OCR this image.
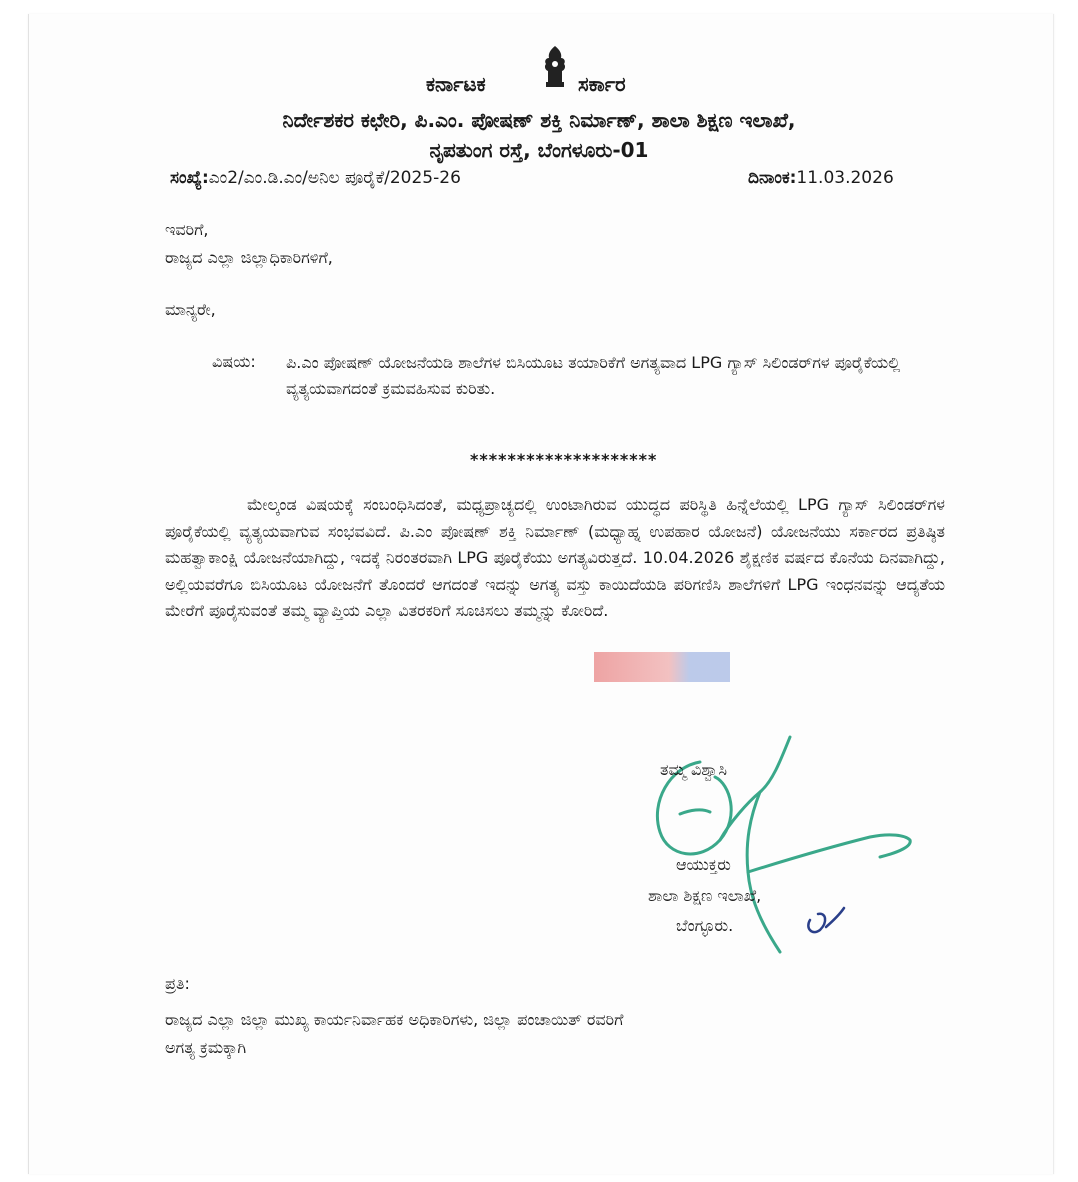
ಕರ್ನಾಟಕ	ಸರ್ಕಾರ
ನಿರ್ದೇಶಕರ ಕಛೇರಿ, ಪಿ.ಎಂ. ಪೋಷಣ್ ಶಕ್ತಿ ನಿರ್ಮಾಣ್, ಶಾಲಾ ಶಿಕ್ಷಣ ಇಲಾಖೆ,
ನೃಪತುಂಗ ರಸ್ತೆ, ಬೆಂಗಳೂರು-01
ಸಂಖ್ಯೆ:ಎಂ2/ಎಂ.ಡಿ.ಎಂ/ಅನಿಲ ಪೂರೈಕೆ/2025-26	ದಿನಾಂಕ:11.03.2026
ಇವರಿಗೆ,
ರಾಜ್ಯದ ಎಲ್ಲಾ ಜಿಲ್ಲಾಧಿಕಾರಿಗಳಿಗೆ,
ಮಾನ್ಯರೇ,
ವಿಷಯ: ಪಿ.ಎಂ ಪೋಷಣ್ ಯೋಜನೆಯಡಿ ಶಾಲೆಗಳ ಬಿಸಿಯೂಟ ತಯಾರಿಕೆಗೆ ಅಗತ್ಯವಾದ LPG ಗ್ಯಾಸ್ ಸಿಲಿಂಡರ್‌ಗಳ ಪೂರೈಕೆಯಲ್ಲಿ ವ್ಯತ್ಯಯವಾಗದಂತೆ ಕ್ರಮವಹಿಸುವ ಕುರಿತು.
********************
ಮೇಲ್ಕಂಡ ವಿಷಯಕ್ಕೆ ಸಂಬಂಧಿಸಿದಂತೆ, ಮಧ್ಯಪ್ರಾಚ್ಯದಲ್ಲಿ ಉಂಟಾಗಿರುವ ಯುದ್ಧದ ಪರಿಸ್ಥಿತಿ ಹಿನ್ನೆಲೆಯಲ್ಲಿ LPG ಗ್ಯಾಸ್ ಸಿಲಿಂಡರ್‌ಗಳ ಪೂರೈಕೆಯಲ್ಲಿ ವ್ಯತ್ಯಯವಾಗುವ ಸಂಭವವಿದೆ. ಪಿ.ಎಂ ಪೋಷಣ್ ಶಕ್ತಿ ನಿರ್ಮಾಣ್ (ಮಧ್ಯಾಹ್ನ ಉಪಹಾರ ಯೋಜನೆ) ಯೋಜನೆಯು ಸರ್ಕಾರದ ಪ್ರತಿಷ್ಠಿತ ಮಹತ್ವಾಕಾಂಕ್ಷಿ ಯೋಜನೆಯಾಗಿದ್ದು, ಇದಕ್ಕೆ ನಿರಂತರವಾಗಿ LPG ಪೂರೈಕೆಯು ಅಗತ್ಯವಿರುತ್ತದೆ. 10.04.2026 ಶೈಕ್ಷಣಿಕ ವರ್ಷದ ಕೊನೆಯ ದಿನವಾಗಿದ್ದು, ಅಲ್ಲಿಯವರೆಗೂ ಬಿಸಿಯೂಟ ಯೋಜನೆಗೆ ತೊಂದರೆ ಆಗದಂತೆ ಇದನ್ನು ಅಗತ್ಯ ವಸ್ತು ಕಾಯಿದೆಯಡಿ ಪರಿಗಣಿಸಿ ಶಾಲೆಗಳಿಗೆ LPG ಇಂಧನವನ್ನು ಆದ್ಯತೆಯ ಮೇರೆಗೆ ಪೂರೈಸುವಂತೆ ತಮ್ಮ ವ್ಯಾಪ್ತಿಯ ಎಲ್ಲಾ ವಿತರಕರಿಗೆ ಸೂಚಿಸಲು ತಮ್ಮನ್ನು ಕೋರಿದೆ.
ತಮ್ಮ ವಿಶ್ವಾಸಿ
ಆಯುಕ್ತರು
ಶಾಲಾ ಶಿಕ್ಷಣ ಇಲಾಖೆ,
ಬೆಂಗ್ಳೂರು.
ಪ್ರತಿ:
ರಾಜ್ಯದ ಎಲ್ಲಾ ಜಿಲ್ಲಾ ಮುಖ್ಯ ಕಾರ್ಯನಿರ್ವಾಹಕ ಅಧಿಕಾರಿಗಳು, ಜಿಲ್ಲಾ ಪಂಚಾಯಿತ್ ರವರಿಗೆ
ಅಗತ್ಯ ಕ್ರಮಕ್ಕಾಗಿ
